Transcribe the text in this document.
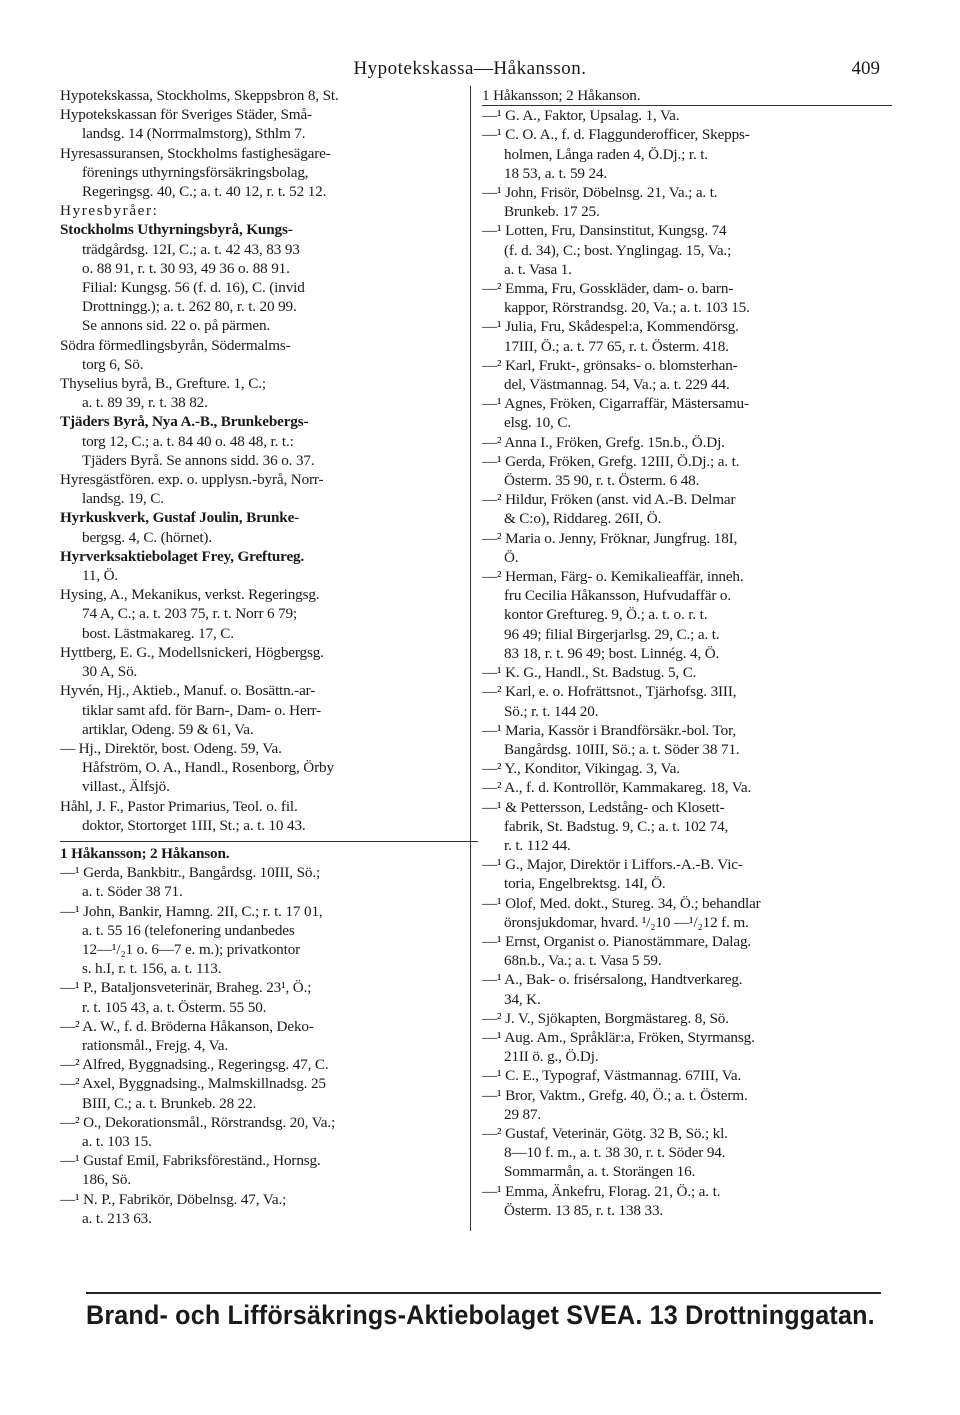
Hypotekskassa—Håkansson.	409
Hypotekskassa, Stockholms, Skeppsbron 8, St.
Hypotekskassan för Sveriges Städer, Små-
landsg. 14 (Norrmalmstorg), Sthlm 7.
Hyresassuransen, Stockholms fastighesägare-
förenings uthyrningsförsäkringsbolag,
Regeringsg. 40, C.; a. t. 40 12, r. t. 52 12.
Hyresbyråer:
Stockholms Uthyrningsbyrå, Kungs-
trädgårdsg. 12I, C.; a. t. 42 43, 83 93
o. 88 91, r. t. 30 93, 49 36 o. 88 91.
Filial: Kungsg. 56 (f. d. 16), C. (invid
Drottningg.); a. t. 262 80, r. t. 20 99.
Se annons sid. 22 o. på pärmen.
Södra förmedlingsbyrån, Södermalms-
torg 6, Sö.
Thyselius byrå, B., Grefture. 1, C.;
a. t. 89 39, r. t. 38 82.
Tjäders Byrå, Nya A.-B., Brunkebergs-
torg 12, C.; a. t. 84 40 o. 48 48, r. t.:
Tjäders Byrå. Se annons sidd. 36 o. 37.
Hyresgästfören. exp. o. upplysn.-byrå, Norr-
landsg. 19, C.
Hyrkuskverk, Gustaf Joulin, Brunke-
bergsg. 4, C. (hörnet).
Hyrverksaktiebolaget Frey, Greftureg.
11, Ö.
Hysing, A., Mekanikus, verkst. Regeringsg.
74 A, C.; a. t. 203 75, r. t. Norr 6 79;
bost. Lästmakareg. 17, C.
Hyttberg, E. G., Modellsnickeri, Högbergsg.
30 A, Sö.
Hyvén, Hj., Aktieb., Manuf. o. Bosättn.-ar-
tiklar samt afd. för Barn-, Dam- o. Herr-
artiklar, Odeng. 59 & 61, Va.
— Hj., Direktör, bost. Odeng. 59, Va.
Håfström, O. A., Handl., Rosenborg, Örby
villast., Älfsjö.
Håhl, J. F., Pastor Primarius, Teol. o. fil.
doktor, Stortorget 1III, St.; a. t. 10 43.
1 Håkansson; 2 Håkanson.
—¹ Gerda, Bankbitr., Bangårdsg. 10III, Sö.;
a. t. Söder 38 71.
—¹ John, Bankir, Hamng. 2II, C.; r. t. 17 01,
a. t. 55 16 (telefonering undanbedes
12—¹/₂1 o. 6—7 e. m.); privatkontor
s. h.I, r. t. 156, a. t. 113.
—¹ P., Bataljonsveterinär, Braheg. 23¹, Ö.;
r. t. 105 43, a. t. Österm. 55 50.
—² A. W., f. d. Bröderna Håkanson, Deko-
rationsmål., Frejg. 4, Va.
—² Alfred, Byggnadsing., Regeringsg. 47, C.
—² Axel, Byggnadsing., Malmskillnadsg. 25
BIII, C.; a. t. Brunkeb. 28 22.
—² O., Dekorationsmål., Rörstrandsg. 20, Va.;
a. t. 103 15.
—¹ Gustaf Emil, Fabriksföreständ., Hornsg.
186, Sö.
—¹ N. P., Fabrikör, Döbelnsg. 47, Va.;
a. t. 213 63.
1 Håkansson; 2 Håkanson.
—¹ G. A., Faktor, Upsalag. 1, Va.
—¹ C. O. A., f. d. Flaggunderofficer, Skepps-
holmen, Långa raden 4, Ö.Dj.; r. t.
18 53, a. t. 59 24.
—¹ John, Frisör, Döbelnsg. 21, Va.; a. t.
Brunkeb. 17 25.
—¹ Lotten, Fru, Dansinstitut, Kungsg. 74
(f. d. 34), C.; bost. Ynglingag. 15, Va.;
a. t. Vasa 1.
—² Emma, Fru, Gosskläder, dam- o. barn-
kappor, Rörstrandsg. 20, Va.; a. t. 103 15.
—¹ Julia, Fru, Skådespel:a, Kommendörsg.
17III, Ö.; a. t. 77 65, r. t. Österm. 418.
—² Karl, Frukt-, grönsaks- o. blomsterhan-
del, Västmannag. 54, Va.; a. t. 229 44.
—¹ Agnes, Fröken, Cigarraffär, Mästersamu-
elsg. 10, C.
—² Anna I., Fröken, Grefg. 15n.b., Ö.Dj.
—¹ Gerda, Fröken, Grefg. 12III, Ö.Dj.; a. t.
Österm. 35 90, r. t. Österm. 6 48.
—² Hildur, Fröken (anst. vid A.-B. Delmar
& C:o), Riddareg. 26II, Ö.
—² Maria o. Jenny, Fröknar, Jungfrug. 18I,
Ö.
—² Herman, Färg- o. Kemikalieaffär, inneh.
fru Cecilia Håkansson, Hufvudaffär o.
kontor Greftureg. 9, Ö.; a. t. o. r. t.
96 49; filial Birgerjarlsg. 29, C.; a. t.
83 18, r. t. 96 49; bost. Linnég. 4, Ö.
—¹ K. G., Handl., St. Badstug. 5, C.
—² Karl, e. o. Hofrättsnot., Tjärhofsg. 3III,
Sö.; r. t. 144 20.
—¹ Maria, Kassör i Brandförsäkr.-bol. Tor,
Bangårdsg. 10III, Sö.; a. t. Söder 38 71.
—² Y., Konditor, Vikingag. 3, Va.
—² A., f. d. Kontrollör, Kammakareg. 18, Va.
—¹ & Pettersson, Ledstång- och Klosett-
fabrik, St. Badstug. 9, C.; a. t. 102 74,
r. t. 112 44.
—¹ G., Major, Direktör i Liffors.-A.-B. Vic-
toria, Engelbrektsg. 14I, Ö.
—¹ Olof, Med. dokt., Stureg. 34, Ö.; behandlar
öronsjukdomar, hvard. ¹/₂10 —¹/₂12 f. m.
—¹ Ernst, Organist o. Pianostämmare, Dalag.
68n.b., Va.; a. t. Vasa 5 59.
—¹ A., Bak- o. frisérsalong, Handtverkareg.
34, K.
—² J. V., Sjökapten, Borgmästareg. 8, Sö.
—¹ Aug. Am., Språklär:a, Fröken, Styrmansg.
21II ö. g., Ö.Dj.
—¹ C. E., Typograf, Västmannag. 67III, Va.
—¹ Bror, Vaktm., Grefg. 40, Ö.; a. t. Österm.
29 87.
—² Gustaf, Veterinär, Götg. 32 B, Sö.; kl.
8—10 f. m., a. t. 38 30, r. t. Söder 94.
Sommarmån, a. t. Storängen 16.
—¹ Emma, Änkefru, Florag. 21, Ö.; a. t.
Österm. 13 85, r. t. 138 33.
Brand- och Lifförsäkrings-Aktiebolaget SVEA. 13 Drottninggatan.
